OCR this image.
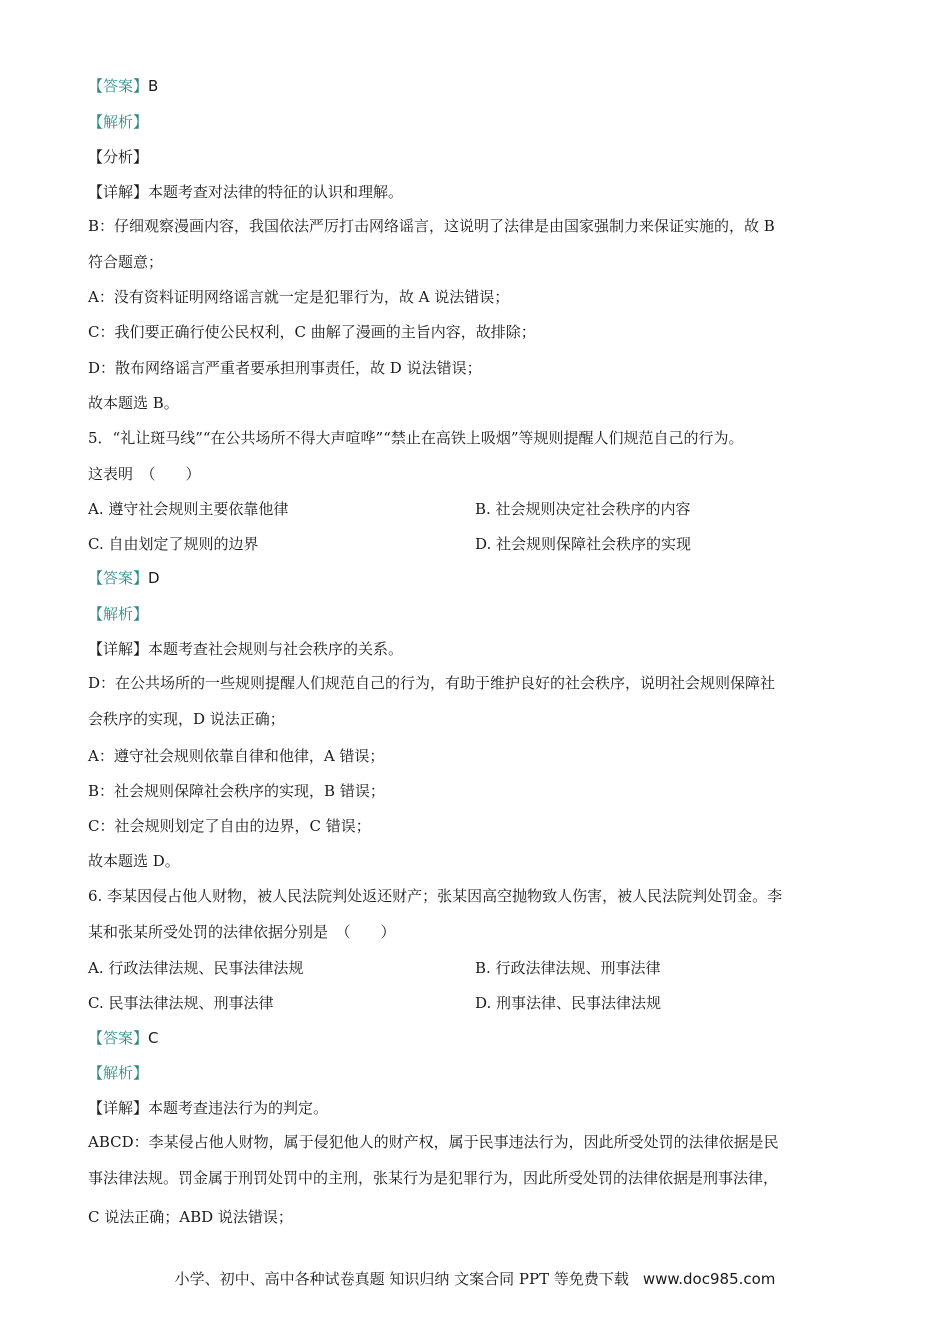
【答案】B
【解析】
【分析】
【详解】本题考查对法律的特征的认识和理解。
B：仔细观察漫画内容，我国依法严厉打击网络谣言，这说明了法律是由国家强制力来保证实施的，故 B
符合题意；
A：没有资料证明网络谣言就一定是犯罪行为，故 A 说法错误；
C：我们要正确行使公民权利，C 曲解了漫画的主旨内容，故排除；
D：散布网络谣言严重者要承担刑事责任，故 D 说法错误；
故本题选 B。
5．“礼让斑马线”“在公共场所不得大声喧哗”“禁止在高铁上吸烟”等规则提醒人们规范自己的行为。
这表明　（　　）
A. 遵守社会规则主要依靠他律	B. 社会规则决定社会秩序的内容
C. 自由划定了规则的边界	D. 社会规则保障社会秩序的实现
【答案】D
【解析】
【详解】本题考查社会规则与社会秩序的关系。
D：在公共场所的一些规则提醒人们规范自己的行为，有助于维护良好的社会秩序，说明社会规则保障社
会秩序的实现，D 说法正确；
A：遵守社会规则依靠自律和他律，A 错误；
B：社会规则保障社会秩序的实现，B 错误；
C：社会规则划定了自由的边界，C 错误；
故本题选 D。
6. 李某因侵占他人财物，被人民法院判处返还财产；张某因高空抛物致人伤害，被人民法院判处罚金。李
某和张某所受处罚的法律依据分别是　（　　）
A. 行政法律法规、民事法律法规	B. 行政法律法规、刑事法律
C. 民事法律法规、刑事法律	D. 刑事法律、民事法律法规
【答案】C
【解析】
【详解】本题考查违法行为的判定。
ABCD：李某侵占他人财物，属于侵犯他人的财产权，属于民事违法行为，因此所受处罚的法律依据是民
事法律法规。罚金属于刑罚处罚中的主刑，张某行为是犯罪行为，因此所受处罚的法律依据是刑事法律，
C 说法正确；ABD 说法错误；
小学、初中、高中各种试卷真题 知识归纳 文案合同 PPT 等免费下载 www.doc985.com
